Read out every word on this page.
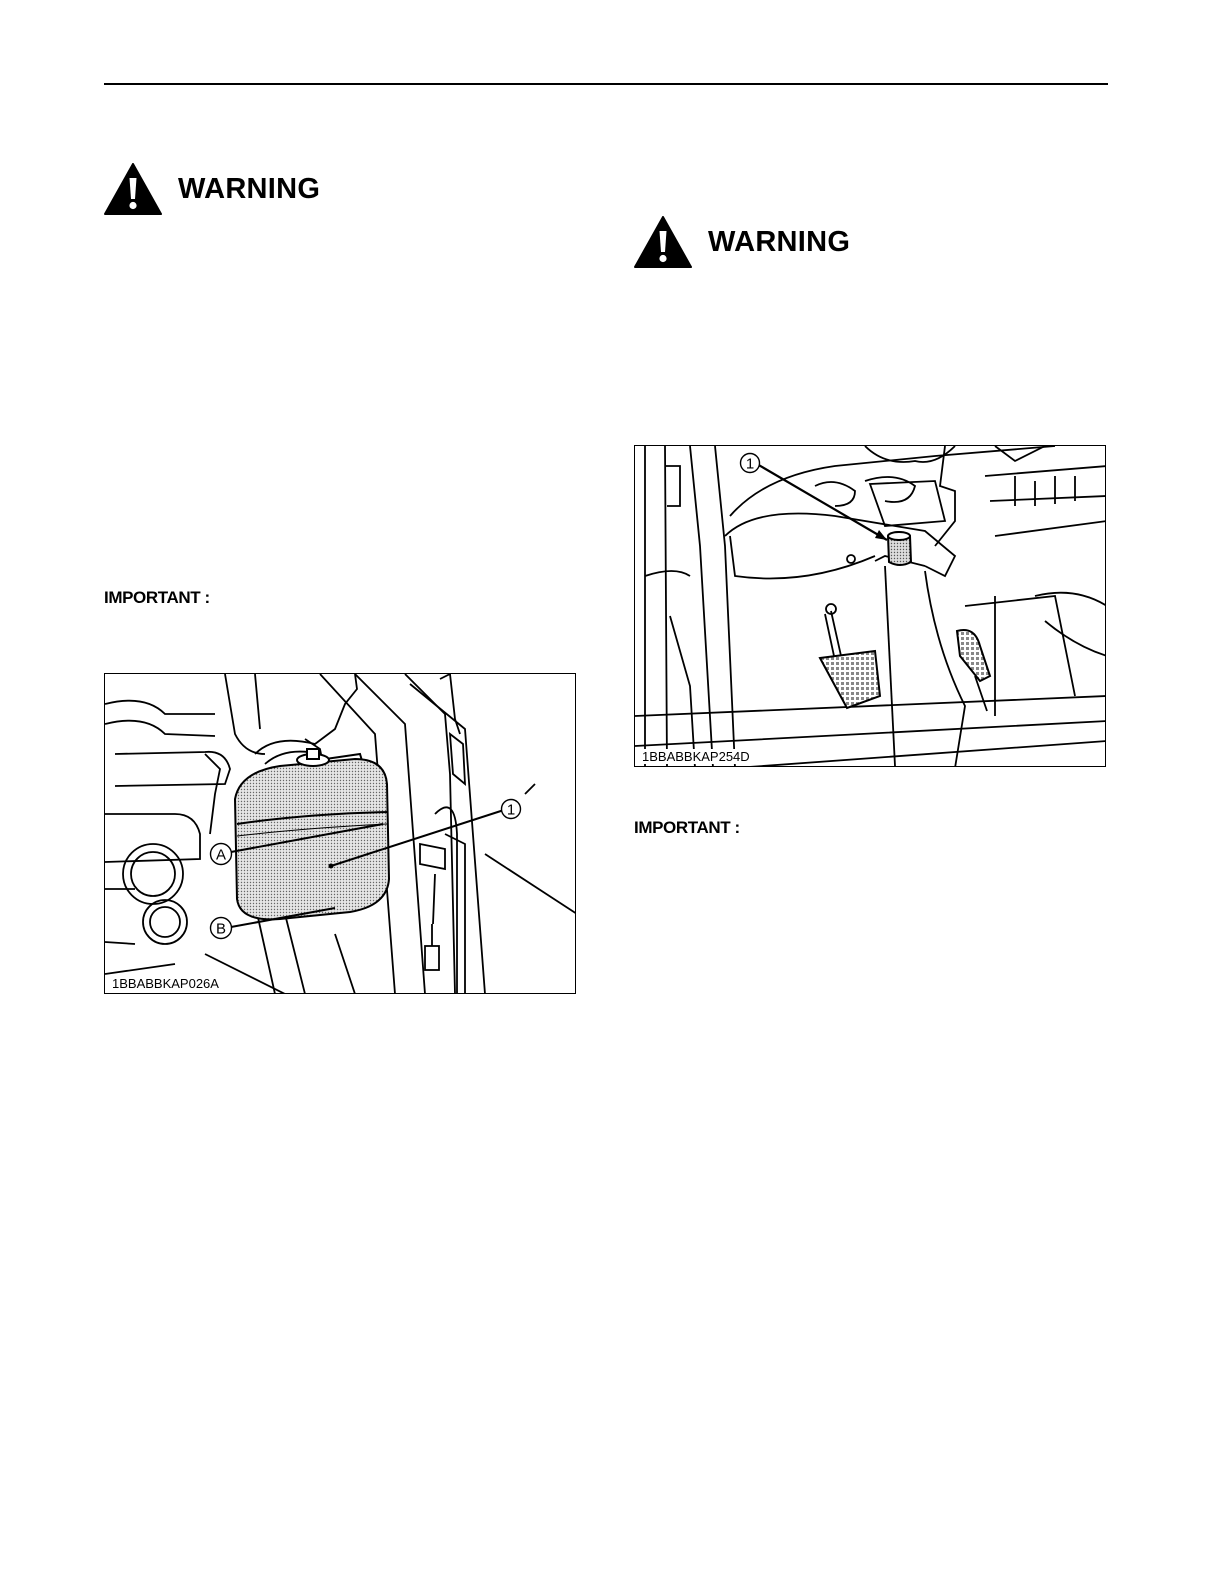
WARNING
WARNING
IMPORTANT :
IMPORTANT :
1
A
B
1BBABBKAP026A
1
1BBABBKAP254D
